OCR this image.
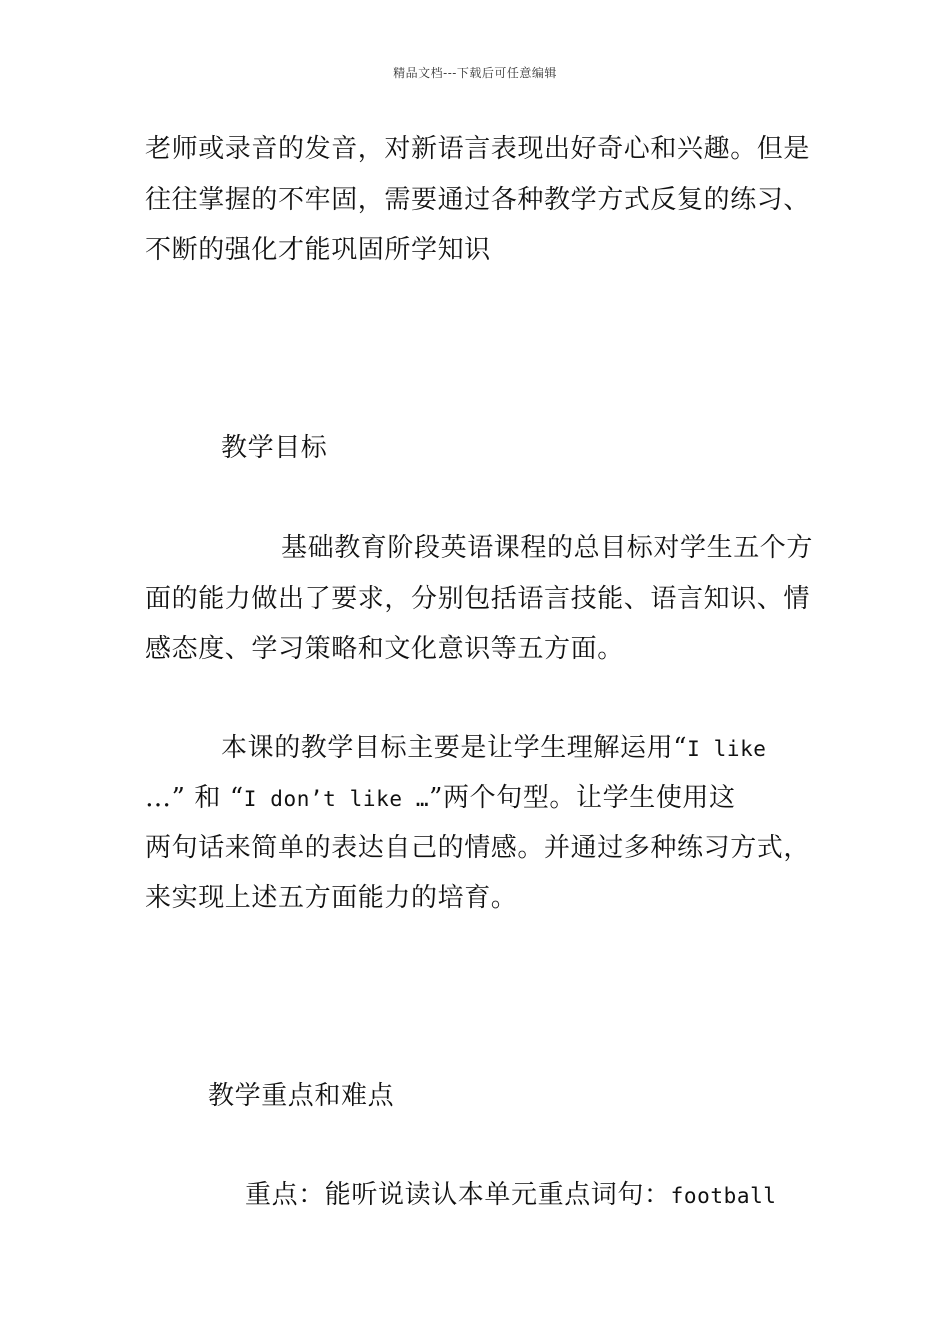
精品文档---下载后可任意编辑
老师或录音的发音，对新语言表现出好奇心和兴趣。但是
往往掌握的不牢固，需要通过各种教学方式反复的练习、
不断的强化才能巩固所学知识
教学目标
基础教育阶段英语课程的总目标对学生五个方
面的能力做出了要求，分别包括语言技能、语言知识、情
感态度、学习策略和文化意识等五方面。
本课的教学目标主要是让学生理解运用“I like
…” 和 “I don’t like …”两个句型。让学生使用这
两句话来简单的表达自己的情感。并通过多种练习方式，
来实现上述五方面能力的培育。
教学重点和难点
重点：能听说读认本单元重点词句：football
